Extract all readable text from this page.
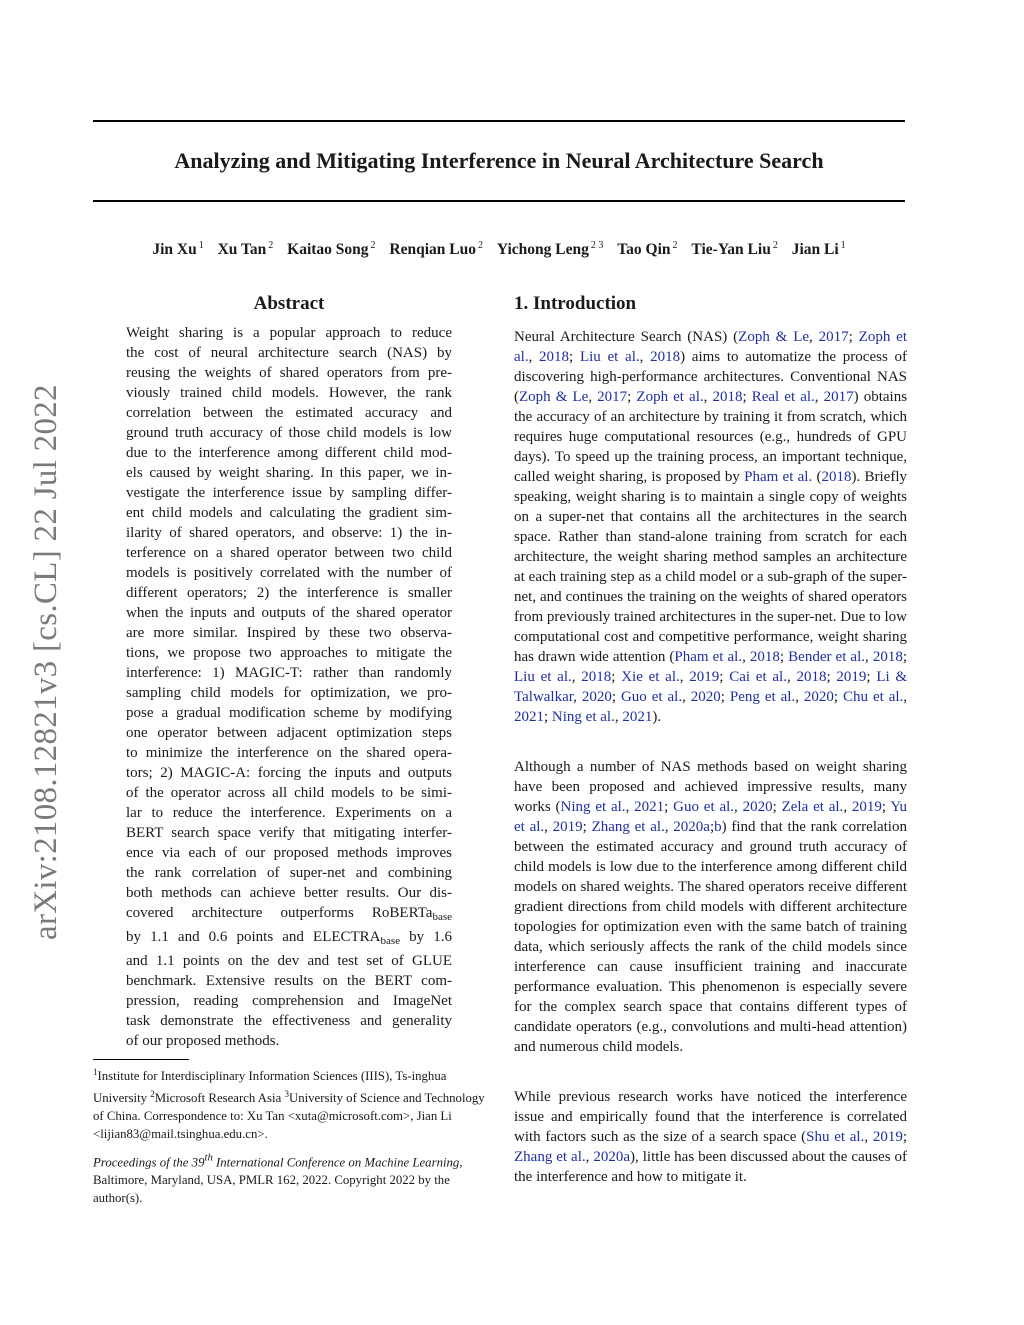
Analyzing and Mitigating Interference in Neural Architecture Search
Jin Xu $^1$ Xu Tan $^2$ Kaitao Song $^2$ Renqian Luo $^2$ Yichong Leng $^{2 3}$ Tao Qin $^2$ Tie-Yan Liu $^2$ Jian Li $^1$
arXiv:2108.12821v3 [cs.CL] 22 Jul 2022
Abstract
Weight sharing is a popular approach to reduce
the cost of neural architecture search (NAS) by
reusing the weights of shared operators from pre-
viously trained child models. However, the rank
correlation between the estimated accuracy and
ground truth accuracy of those child models is low
due to the interference among different child mod-
els caused by weight sharing. In this paper, we in-
vestigate the interference issue by sampling differ-
ent child models and calculating the gradient sim-
ilarity of shared operators, and observe: 1) the in-
terference on a shared operator between two child
models is positively correlated with the number of
different operators; 2) the interference is smaller
when the inputs and outputs of the shared operator
are more similar. Inspired by these two observa-
tions, we propose two approaches to mitigate the
interference: 1) MAGIC-T: rather than randomly
sampling child models for optimization, we pro-
pose a gradual modification scheme by modifying
one operator between adjacent optimization steps
to minimize the interference on the shared opera-
tors; 2) MAGIC-A: forcing the inputs and outputs
of the operator across all child models to be simi-
lar to reduce the interference. Experiments on a
BERT search space verify that mitigating interfer-
ence via each of our proposed methods improves
the rank correlation of super-net and combining
both methods can achieve better results. Our dis-
covered architecture outperforms RoBERTa$_{base}$
by 1.1 and 0.6 points and $ELECTRA_{base}$ by 1.6
and 1.1 points on the dev and test set of GLUE
benchmark. Extensive results on the BERT com-
pression, reading comprehension and ImageNet
task demonstrate the effectiveness and generality
of our proposed methods.
$^1$Institute for Interdisciplinary Information Sciences (IIIS), Ts-inghua University $^2$Microsoft Research Asia $^3$University of Science and Technology of China. Correspondence to: Xu Tan <xuta@microsoft.com>, Jian Li <lijian83@mail.tsinghua.edu.cn>.
Proceedings of the 39th International Conference on Machine Learning, Baltimore, Maryland, USA, PMLR 162, 2022. Copyright 2022 by the author(s).
1. Introduction
Neural Architecture Search (NAS) (Zoph & Le, 2017; Zoph et al., 2018; Liu et al., 2018) aims to automatize the process of discovering high-performance architectures. Conventional NAS (Zoph & Le, 2017; Zoph et al., 2018; Real et al., 2017) obtains the accuracy of an architecture by training it from scratch, which requires huge computational resources (e.g., hundreds of GPU days). To speed up the training process, an important technique, called weight sharing, is proposed by Pham et al. (2018). Briefly speaking, weight sharing is to maintain a single copy of weights on a super-net that contains all the architectures in the search space. Rather than stand-alone training from scratch for each architecture, the weight sharing method samples an architecture at each training step as a child model or a sub-graph of the super-net, and continues the training on the weights of shared operators from previously trained architectures in the super-net. Due to low computational cost and competitive performance, weight sharing has drawn wide attention (Pham et al., 2018; Bender et al., 2018; Liu et al., 2018; Xie et al., 2019; Cai et al., 2018; 2019; Li & Talwalkar, 2020; Guo et al., 2020; Peng et al., 2020; Chu et al., 2021; Ning et al., 2021).
Although a number of NAS methods based on weight sharing have been proposed and achieved impressive results, many works (Ning et al., 2021; Guo et al., 2020; Zela et al., 2019; Yu et al., 2019; Zhang et al., 2020a;b) find that the rank correlation between the estimated accuracy and ground truth accuracy of child models is low due to the interference among different child models on shared weights. The shared operators receive different gradient directions from child models with different architecture topologies for optimization even with the same batch of training data, which seriously affects the rank of the child models since interference can cause insufficient training and inaccurate performance evaluation. This phenomenon is especially severe for the complex search space that contains different types of candidate operators (e.g., convolutions and multi-head attention) and numerous child models.
While previous research works have noticed the interference issue and empirically found that the interference is correlated with factors such as the size of a search space (Shu et al., 2019; Zhang et al., 2020a), little has been discussed about the causes of the interference and how to mitigate it.
